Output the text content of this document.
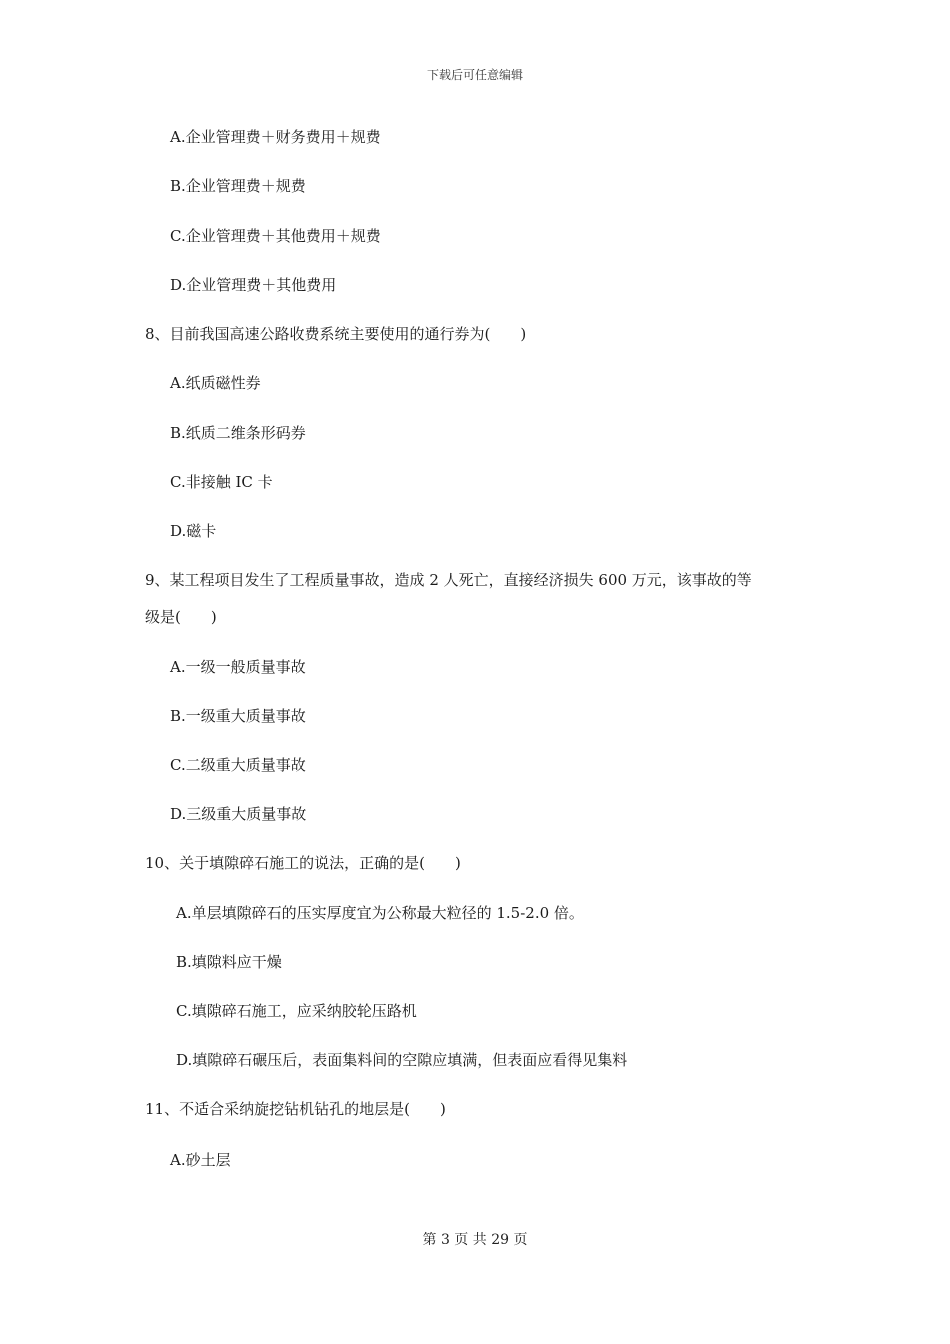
下载后可任意编辑
A.企业管理费＋财务费用＋规费
B.企业管理费＋规费
C.企业管理费＋其他费用＋规费
D.企业管理费＋其他费用
8、目前我国高速公路收费系统主要使用的通行券为(　　)
A.纸质磁性券
B.纸质二维条形码券
C.非接触 IC 卡
D.磁卡
9、某工程项目发生了工程质量事故，造成 2 人死亡，直接经济损失 600 万元，该事故的等
级是(　　)
A.一级一般质量事故
B.一级重大质量事故
C.二级重大质量事故
D.三级重大质量事故
10、关于填隙碎石施工的说法，正确的是(　　)
A.单层填隙碎石的压实厚度宜为公称最大粒径的 1.5-2.0 倍。
B.填隙料应干燥
C.填隙碎石施工，应采纳胶轮压路机
D.填隙碎石碾压后，表面集料间的空隙应填满，但表面应看得见集料
11、不适合采纳旋挖钻机钻孔的地层是(　　)
A.砂土层
第 3 页 共 29 页
